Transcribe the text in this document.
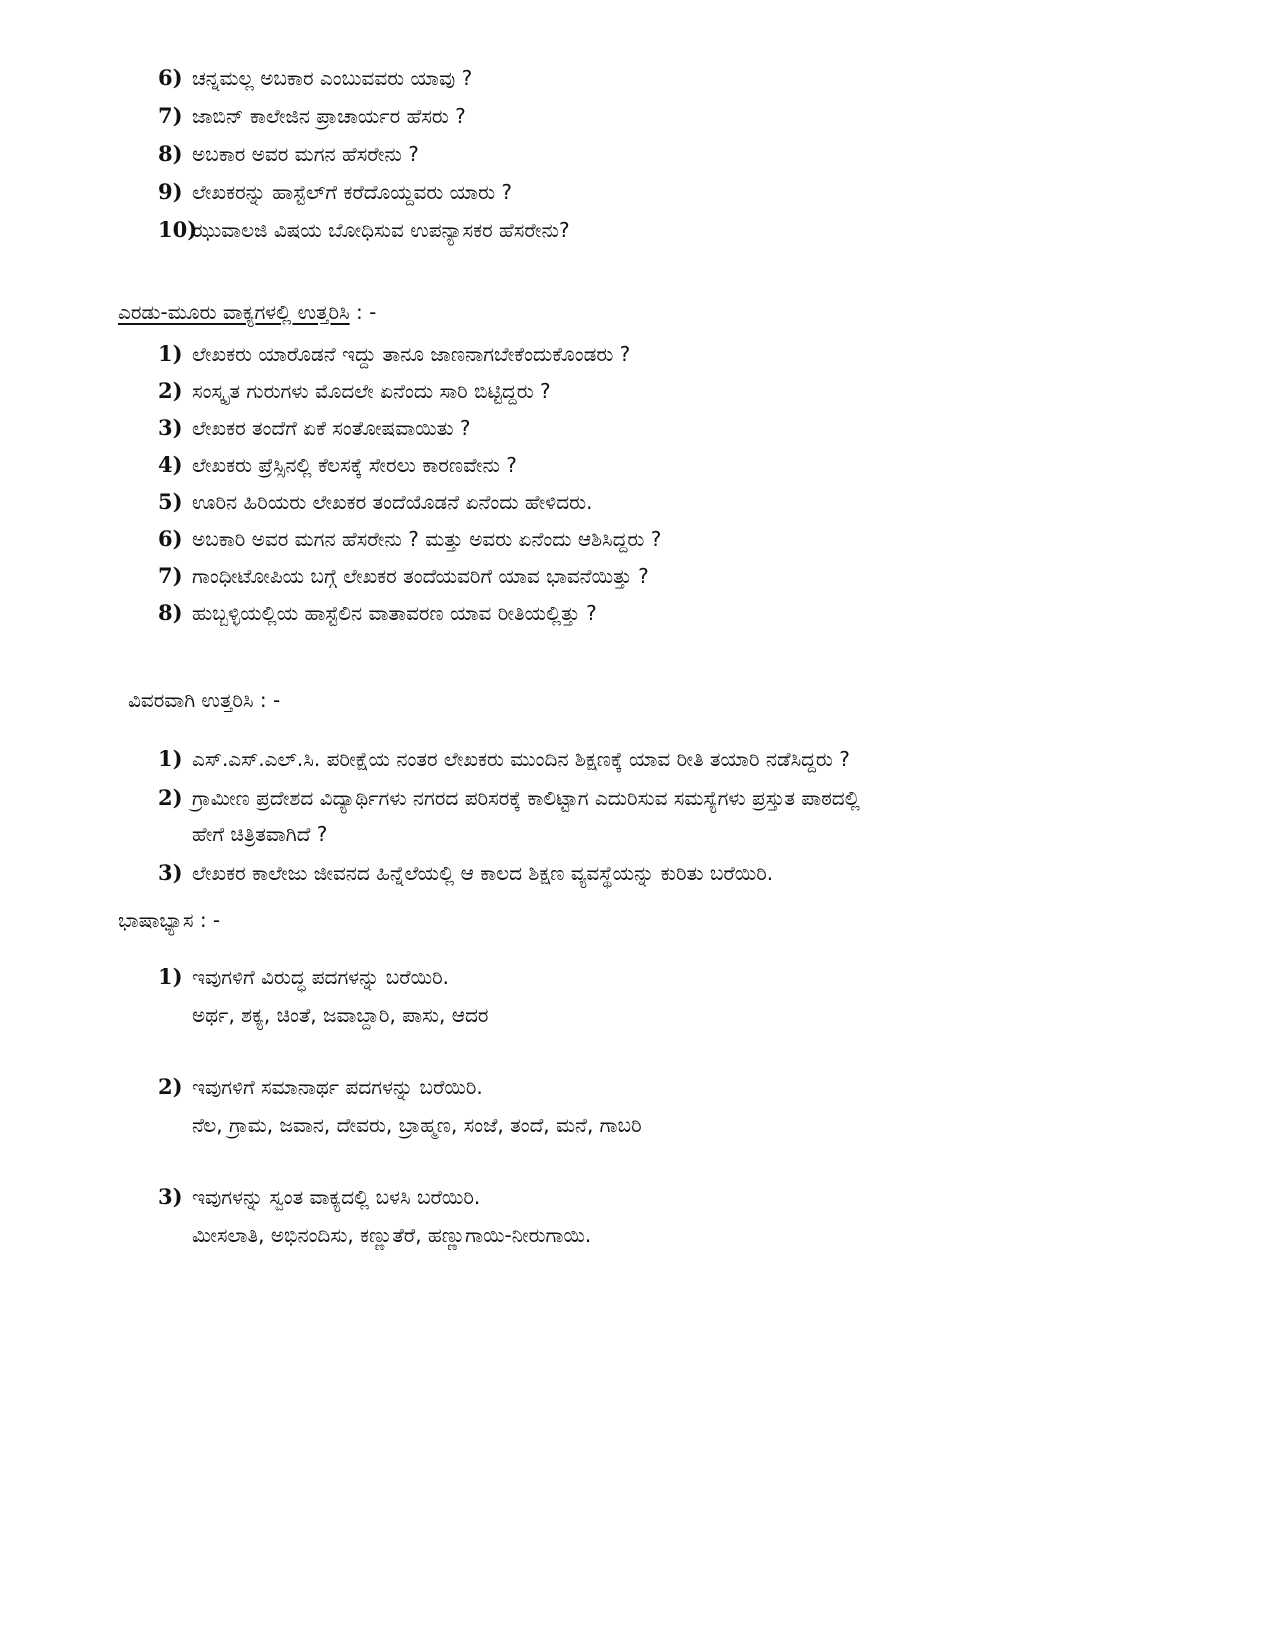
6) ಚನ್ನಮಲ್ಲ ಅಬಕಾರ ಎಂಬುವವರು ಯಾವು ?
7) ಜಾಬಿನ್ ಕಾಲೇಜಿನ ಪ್ರಾಚಾರ್ಯರ ಹೆಸರು ?
8) ಅಬಕಾರ ಅವರ ಮಗನ ಹೆಸರೇನು ?
9) ಲೇಖಕರನ್ನು ಹಾಸ್ಟೆಲ್‌ಗೆ ಕರೆದೊಯ್ದವರು ಯಾರು ?
10)
ಝುವಾಲಜಿ ವಿಷಯ ಬೋಧಿಸುವ ಉಪನ್ಯಾಸಕರ ಹೆಸರೇನು?
ಎರಡು-ಮೂರು ವಾಕ್ಯಗಳಲ್ಲಿ ಉತ್ತರಿಸಿ : -
1) ಲೇಖಕರು ಯಾರೊಡನೆ ಇದ್ದು ತಾನೂ ಜಾಣನಾಗಬೇಕೆಂದುಕೊಂಡರು ?
2) ಸಂಸ್ಕೃತ ಗುರುಗಳು ಮೊದಲೇ ಏನೆಂದು ಸಾರಿ ಬಿಟ್ಟಿದ್ದರು ?
3) ಲೇಖಕರ ತಂದೆಗೆ ಏಕೆ ಸಂತೋಷವಾಯಿತು ?
4) ಲೇಖಕರು ಪ್ರೆಸ್ಸಿನಲ್ಲಿ ಕೆಲಸಕ್ಕೆ ಸೇರಲು ಕಾರಣವೇನು ?
5) ಊರಿನ ಹಿರಿಯರು ಲೇಖಕರ ತಂದೆಯೊಡನೆ ಏನೆಂದು ಹೇಳಿದರು.
6) ಅಬಕಾರಿ ಅವರ ಮಗನ ಹೆಸರೇನು ? ಮತ್ತು ಅವರು ಏನೆಂದು ಆಶಿಸಿದ್ದರು ?
7) ಗಾಂಧೀಟೋಪಿಯ ಬಗ್ಗೆ ಲೇಖಕರ ತಂದೆಯವರಿಗೆ ಯಾವ ಭಾವನೆಯಿತ್ತು ?
8) ಹುಬ್ಬಳ್ಳಿಯಲ್ಲಿಯ ಹಾಸ್ಟೆಲಿನ ವಾತಾವರಣ ಯಾವ ರೀತಿಯಲ್ಲಿತ್ತು ?
ವಿವರವಾಗಿ ಉತ್ತರಿಸಿ : -
1) ಎಸ್.ಎಸ್.ಎಲ್.ಸಿ. ಪರೀಕ್ಷೆಯ ನಂತರ ಲೇಖಕರು ಮುಂದಿನ ಶಿಕ್ಷಣಕ್ಕೆ ಯಾವ ರೀತಿ ತಯಾರಿ ನಡೆಸಿದ್ದರು ?
2) ಗ್ರಾಮೀಣ ಪ್ರದೇಶದ ವಿದ್ಯಾರ್ಥಿಗಳು ನಗರದ ಪರಿಸರಕ್ಕೆ ಕಾಲಿಟ್ಟಾಗ ಎದುರಿಸುವ ಸಮಸ್ಯೆಗಳು ಪ್ರಸ್ತುತ ಪಾಠದಲ್ಲಿ
ಹೇಗೆ ಚಿತ್ರಿತವಾಗಿದೆ ?
3) ಲೇಖಕರ ಕಾಲೇಜು ಜೀವನದ ಹಿನ್ನೆಲೆಯಲ್ಲಿ ಆ ಕಾಲದ ಶಿಕ್ಷಣ ವ್ಯವಸ್ಥೆಯನ್ನು ಕುರಿತು ಬರೆಯಿರಿ.
ಭಾಷಾಭ್ಯಾಸ : -
1) ಇವುಗಳಿಗೆ ವಿರುದ್ಧ ಪದಗಳನ್ನು ಬರೆಯಿರಿ.
ಅರ್ಥ, ಶಕ್ಯ, ಚಿಂತೆ, ಜವಾಬ್ದಾರಿ, ಪಾಸು, ಆದರ
2) ಇವುಗಳಿಗೆ ಸಮಾನಾರ್ಥ ಪದಗಳನ್ನು ಬರೆಯಿರಿ.
ನೆಲ, ಗ್ರಾಮ, ಜವಾನ, ದೇವರು, ಬ್ರಾಹ್ಮಣ, ಸಂಜೆ, ತಂದೆ, ಮನೆ, ಗಾಬರಿ
3) ಇವುಗಳನ್ನು ಸ್ವಂತ ವಾಕ್ಯದಲ್ಲಿ ಬಳಸಿ ಬರೆಯಿರಿ.
ಮೀಸಲಾತಿ, ಅಭಿನಂದಿಸು, ಕಣ್ಣುತೆರೆ, ಹಣ್ಣುಗಾಯಿ-ನೀರುಗಾಯಿ.
